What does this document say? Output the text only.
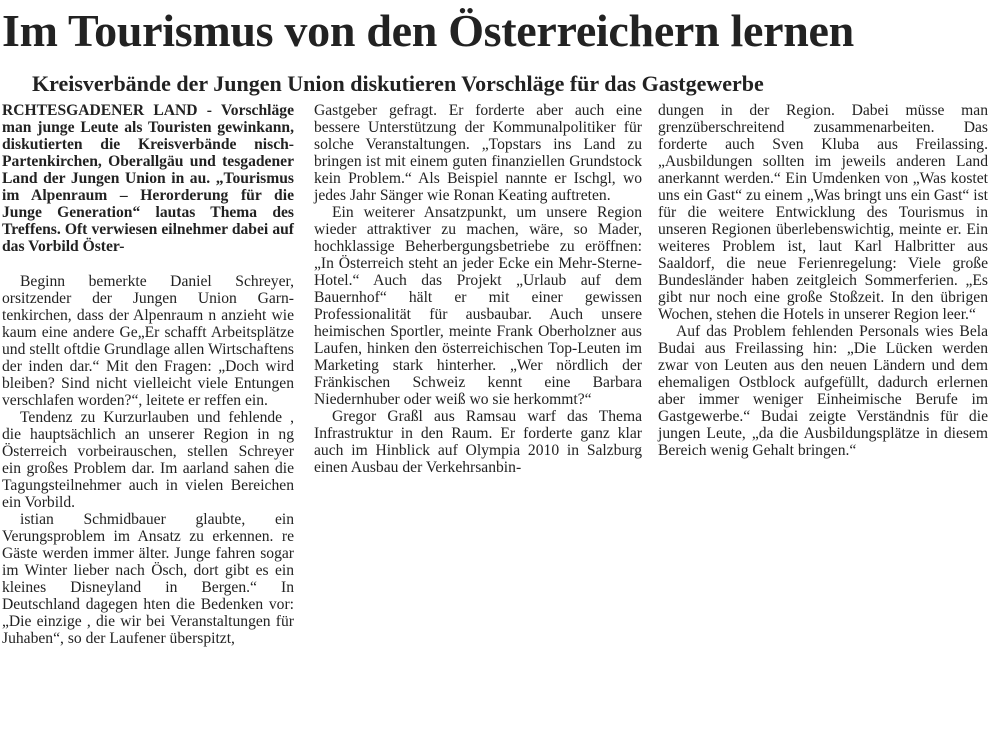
Im Tourismus von den Österreichern lernen
Kreisverbände der Jungen Union diskutieren Vorschläge für das Gastgewerbe

RCHTESGADENER LAND - Vorschläge man junge Leute als Touristen gewinkann, diskutierten die Kreisverbände nisch-Partenkirchen, Oberallgäu und tesgadener Land der Jungen Union in au. „Tourismus im Alpenraum – Herorderung für die Junge Generation“ lautas Thema des Treffens. Oft verwiesen eilnehmer dabei auf das Vorbild Öster-

Beginn bemerkte Daniel Schreyer, orsitzender der Jungen Union Garn-tenkirchen, dass der Alpenraum n anzieht wie kaum eine andere Ge„Er schafft Arbeitsplätze und stellt oftdie Grundlage allen Wirtschaftens der inden dar.“ Mit den Fragen: „Doch wird bleiben? Sind nicht vielleicht viele Entungen verschlafen worden?“, leitete er reffen ein.

Tendenz zu Kurzurlauben und fehlende , die hauptsächlich an unserer Region in ng Österreich vorbeirauschen, stellen Schreyer ein großes Problem dar. Im aarland sahen die Tagungsteilnehmer auch in vielen Bereichen ein Vorbild.

istian Schmidbauer glaubte, ein Verungsproblem im Ansatz zu erkennen. re Gäste werden immer älter. Junge fahren sogar im Winter lieber nach Ösch, dort gibt es ein kleines Disneyland in Bergen.“ In Deutschland dagegen hten die Bedenken vor: „Die einzige , die wir bei Veranstaltungen für Juhaben“, so der Laufener überspitzt,

Gastgeber gefragt. Er forderte aber auch eine bessere Unterstützung der Kommunalpolitiker für solche Veranstaltungen. „Topstars ins Land zu bringen ist mit einem guten finanziellen Grundstock kein Problem.“ Als Beispiel nannte er Ischgl, wo jedes Jahr Sänger wie Ronan Keating auftreten.

Ein weiterer Ansatzpunkt, um unsere Region wieder attraktiver zu machen, wäre, so Mader, hochklassige Beherbergungsbetriebe zu eröffnen: „In Österreich steht an jeder Ecke ein Mehr-Sterne-Hotel.“ Auch das Projekt „Urlaub auf dem Bauernhof“ hält er mit einer gewissen Professionalität für ausbaubar. Auch unsere heimischen Sportler, meinte Frank Oberholzner aus Laufen, hinken den österreichischen Top-Leuten im Marketing stark hinterher. „Wer nördlich der Fränkischen Schweiz kennt eine Barbara Niedernhuber oder weiß wo sie herkommt?“

Gregor Graßl aus Ramsau warf das Thema Infrastruktur in den Raum. Er forderte ganz klar auch im Hinblick auf Olympia 2010 in Salzburg einen Ausbau der Verkehrsanbin-

dungen in der Region. Dabei müsse man grenzüberschreitend zusammenarbeiten. Das forderte auch Sven Kluba aus Freilassing. „Ausbildungen sollten im jeweils anderen Land anerkannt werden.“ Ein Umdenken von „Was kostet uns ein Gast“ zu einem „Was bringt uns ein Gast“ ist für die weitere Entwicklung des Tourismus in unseren Regionen überlebenswichtig, meinte er. Ein weiteres Problem ist, laut Karl Halbritter aus Saaldorf, die neue Ferienregelung: Viele große Bundesländer haben zeitgleich Sommerferien. „Es gibt nur noch eine große Stoßzeit. In den übrigen Wochen, stehen die Hotels in unserer Region leer.“

Auf das Problem fehlenden Personals wies Bela Budai aus Freilassing hin: „Die Lücken werden zwar von Leuten aus den neuen Ländern und dem ehemaligen Ostblock aufgefüllt, dadurch erlernen aber immer weniger Einheimische Berufe im Gastgewerbe.“ Budai zeigte Verständnis für die jungen Leute, „da die Ausbildungsplätze in diesem Bereich wenig Gehalt bringen.“
